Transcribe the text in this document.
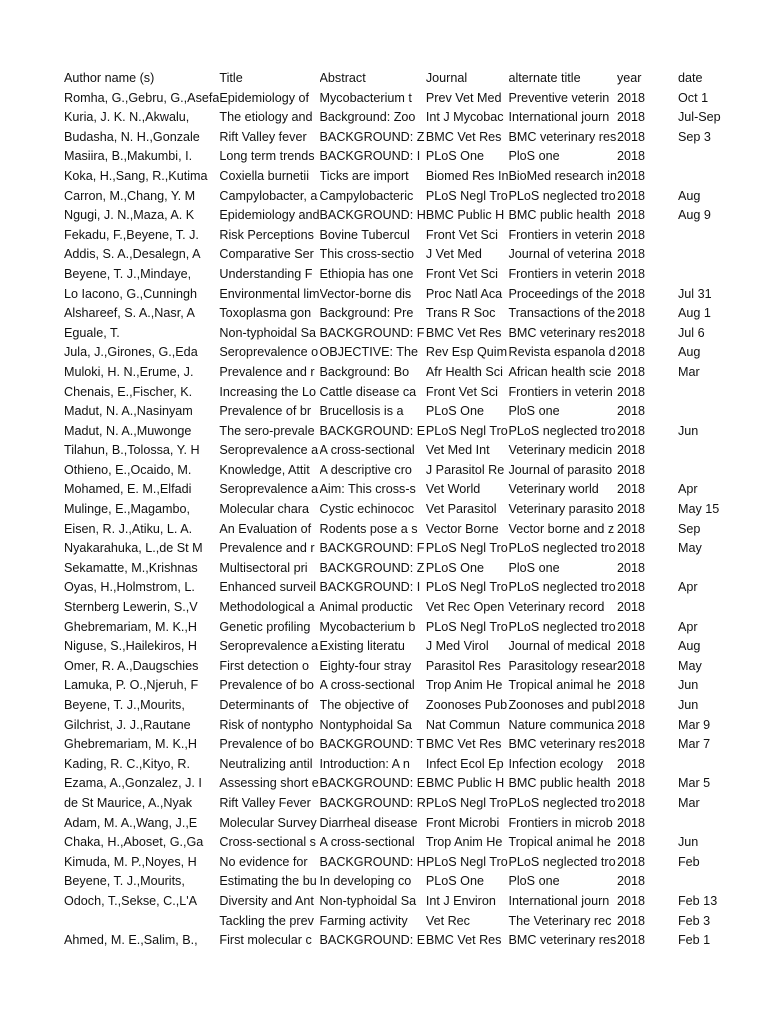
Author name (s)	Title	Abstract	Journal	alternate title	year	date
Romha, G.,Gebru, G.,Asefa	Epidemiology of	Mycobacterium t	Prev Vet Med	Preventive veterin	2018	Oct 1
Kuria, J. K. N.,Akwalu,	The etiology and	Background: Zoo	Int J Mycobac	International journ	2018	Jul-Sep
Budasha, N. H.,Gonzale	Rift Valley fever	BACKGROUND: Z	BMC Vet Res	BMC veterinary res	2018	Sep 3
Masiira, B.,Makumbi, I.	Long term trends	BACKGROUND: I	PLoS One	PloS one	2018	
Koka, H.,Sang, R.,Kutima	Coxiella burnetii	Ticks are import	Biomed Res In	BioMed research in	2018	
Carron, M.,Chang, Y. M	Campylobacter, a	Campylobacteric	PLoS Negl Tro	PLoS neglected tro	2018	Aug
Ngugi, J. N.,Maza, A. K	Epidemiology and	BACKGROUND: H	BMC Public H	BMC public health	2018	Aug 9
Fekadu, F.,Beyene, T. J.	Risk Perceptions	Bovine Tubercul	Front Vet Sci	Frontiers in veterin	2018	
Addis, S. A.,Desalegn, A	Comparative Ser	This cross-sectio	J Vet Med	Journal of veterina	2018	
Beyene, T. J.,Mindaye,	Understanding F	Ethiopia has one	Front Vet Sci	Frontiers in veterin	2018	
Lo Iacono, G.,Cunningh	Environmental lim	Vector-borne dis	Proc Natl Aca	Proceedings of the	2018	Jul 31
Alshareef, S. A.,Nasr, A	Toxoplasma gon	Background: Pre	Trans R Soc	Transactions of the	2018	Aug 1
Eguale, T.	Non-typhoidal Sa	BACKGROUND: F	BMC Vet Res	BMC veterinary res	2018	Jul 6
Jula, J.,Girones, G.,Eda	Seroprevalence o	OBJECTIVE: The	Rev Esp Quim	Revista espanola d	2018	Aug
Muloki, H. N.,Erume, J.	Prevalence and r	Background: Bo	Afr Health Sci	African health scie	2018	Mar
Chenais, E.,Fischer, K.	Increasing the Lo	Cattle disease ca	Front Vet Sci	Frontiers in veterin	2018	
Madut, N. A.,Nasinyam	Prevalence of br	Brucellosis is a	PLoS One	PloS one	2018	
Madut, N. A.,Muwonge	The sero-prevale	BACKGROUND: E	PLoS Negl Tro	PLoS neglected tro	2018	Jun
Tilahun, B.,Tolossa, Y. H	Seroprevalence a	A cross-sectional	Vet Med Int	Veterinary medicin	2018	
Othieno, E.,Ocaido, M.	Knowledge, Attit	A descriptive cro	J Parasitol Re	Journal of parasito	2018	
Mohamed, E. M.,Elfadi	Seroprevalence a	Aim: This cross-s	Vet World	Veterinary world	2018	Apr
Mulinge, E.,Magambo,	Molecular chara	Cystic echinococ	Vet Parasitol	Veterinary parasito	2018	May 15
Eisen, R. J.,Atiku, L. A.	An Evaluation of	Rodents pose a s	Vector Borne	Vector borne and z	2018	Sep
Nyakarahuka, L.,de St M	Prevalence and r	BACKGROUND: F	PLoS Negl Tro	PLoS neglected tro	2018	May
Sekamatte, M.,Krishnas	Multisectoral pri	BACKGROUND: Z	PLoS One	PloS one	2018	
Oyas, H.,Holmstrom, L.	Enhanced surveil	BACKGROUND: I	PLoS Negl Tro	PLoS neglected tro	2018	Apr
Sternberg Lewerin, S.,V	Methodological a	Animal productic	Vet Rec Open	Veterinary record	2018	
Ghebremariam, M. K.,H	Genetic profiling	Mycobacterium b	PLoS Negl Tro	PLoS neglected tro	2018	Apr
Niguse, S.,Hailekiros, H	Seroprevalence a	Existing literatu	J Med Virol	Journal of medical	2018	Aug
Omer, R. A.,Daugschies	First detection o	Eighty-four stray	Parasitol Res	Parasitology resear	2018	May
Lamuka, P. O.,Njeruh, F	Prevalence of bo	A cross-sectional	Trop Anim He	Tropical animal he	2018	Jun
Beyene, T. J.,Mourits,	Determinants of	The objective of	Zoonoses Pub	Zoonoses and publ	2018	Jun
Gilchrist, J. J.,Rautane	Risk of nontypho	Nontyphoidal Sa	Nat Commun	Nature communica	2018	Mar 9
Ghebremariam, M. K.,H	Prevalence of bo	BACKGROUND: T	BMC Vet Res	BMC veterinary res	2018	Mar 7
Kading, R. C.,Kityo, R.	Neutralizing antil	Introduction: A n	Infect Ecol Ep	Infection ecology	2018	
Ezama, A.,Gonzalez, J. I	Assessing short e	BACKGROUND: E	BMC Public H	BMC public health	2018	Mar 5
de St Maurice, A.,Nyak	Rift Valley Fever	BACKGROUND: R	PLoS Negl Tro	PLoS neglected tro	2018	Mar
Adam, M. A.,Wang, J.,E	Molecular Survey	Diarrheal disease	Front Microbi	Frontiers in microb	2018	
Chaka, H.,Aboset, G.,Ga	Cross-sectional s	A cross-sectional	Trop Anim He	Tropical animal he	2018	Jun
Kimuda, M. P.,Noyes, H	No evidence for	BACKGROUND: H	PLoS Negl Tro	PLoS neglected tro	2018	Feb
Beyene, T. J.,Mourits,	Estimating the bu	In developing co	PLoS One	PloS one	2018	
Odoch, T.,Sekse, C.,L'A	Diversity and Ant	Non-typhoidal Sa	Int J Environ	International journ	2018	Feb 13
	Tackling the prev	Farming activity	Vet Rec	The Veterinary rec	2018	Feb 3
Ahmed, M. E.,Salim, B.,	First molecular c	BACKGROUND: E	BMC Vet Res	BMC veterinary res	2018	Feb 1
